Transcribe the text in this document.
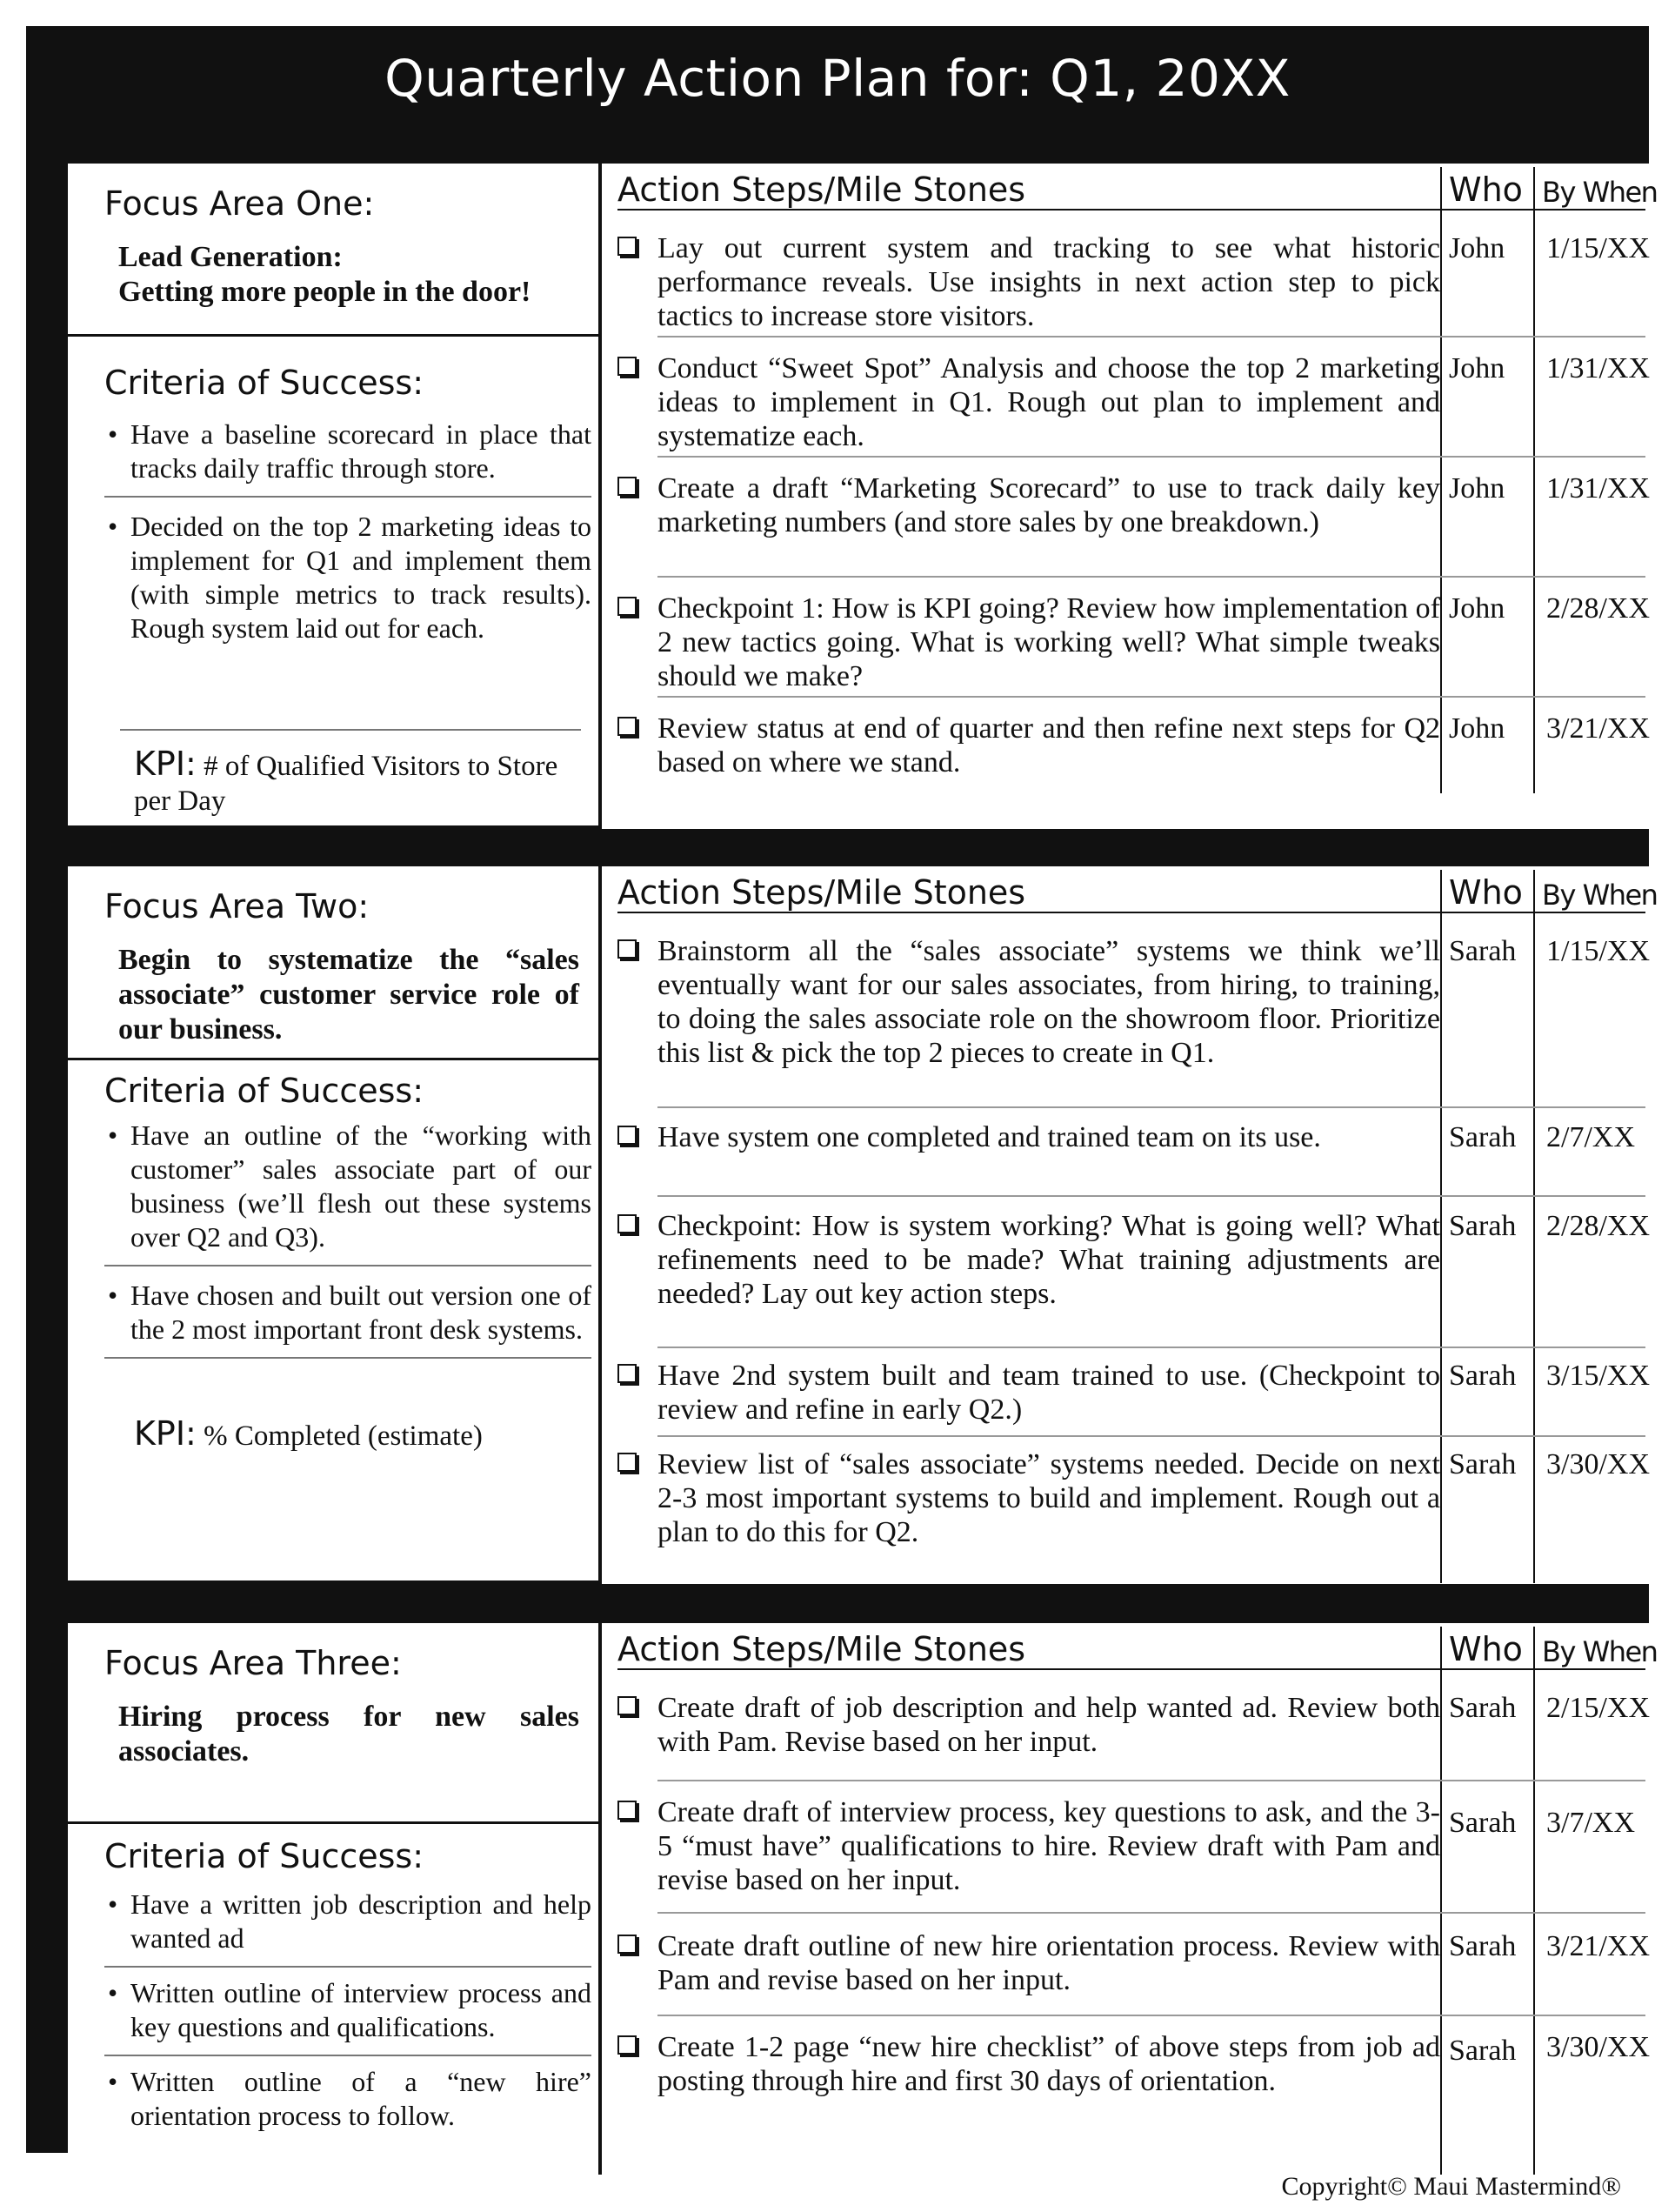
Quarterly Action Plan for: Q1, 20XX
Focus Area One:
Lead Generation:
Getting more people in the door!
Criteria of Success:
• Have a baseline scorecard in place that tracks daily traffic through store.
• Decided on the top 2 marketing ideas to implement for Q1 and implement them (with simple metrics to track results). Rough system laid out for each.
KPI: # of Qualified Visitors to Store per Day
Action Steps/Mile Stones	Who By When
Lay out current system and tracking to see what historic performance reveals. Use insights in next action step to pick tactics to increase store visitors.
John 1/15/XX
Conduct “Sweet Spot” Analysis and choose the top 2 marketing ideas to implement in Q1. Rough out plan to implement and systematize each.
John 1/31/XX
Create a draft “Marketing Scorecard” to use to track daily key marketing numbers (and store sales by one breakdown.)
John 1/31/XX
Checkpoint 1: How is KPI going? Review how implementation of 2 new tactics going. What is working well? What simple tweaks should we make?
John 2/28/XX
Review status at end of quarter and then refine next steps for Q2 based on where we stand.
John 3/21/XX
Focus Area Two:
Begin to systematize the “sales associate” customer service role of our business.
Criteria of Success:
• Have an outline of the “working with customer” sales associate part of our business (we’ll flesh out these systems over Q2 and Q3).
• Have chosen and built out version one of the 2 most important front desk systems.
KPI: % Completed (estimate)
Action Steps/Mile Stones	Who By When
Brainstorm all the “sales associate” systems we think we’ll eventually want for our sales associates, from hiring, to training, to doing the sales associate role on the showroom floor. Prioritize this list & pick the top 2 pieces to create in Q1.
Sarah 1/15/XX
Have system one completed and trained team on its use.	Sarah 2/7/XX
Checkpoint: How is system working? What is going well? What refinements need to be made? What training adjustments are needed? Lay out key action steps.
Sarah 2/28/XX
Have 2nd system built and team trained to use. (Checkpoint to review and refine in early Q2.)
Sarah 3/15/XX
Review list of “sales associate” systems needed. Decide on next 2-3 most important systems to build and implement. Rough out a plan to do this for Q2.
Sarah 3/30/XX
Focus Area Three:
Hiring process for new sales associates.
Criteria of Success:
• Have a written job description and help wanted ad
• Written outline of interview process and key questions and qualifications.
• Written outline of a “new hire” orientation process to follow.
Action Steps/Mile Stones	Who By When
Create draft of job description and help wanted ad. Review both with Pam. Revise based on her input.
Sarah 2/15/XX
Create draft of interview process, key questions to ask, and the 3-5 “must have” qualifications to hire. Review draft with Pam and revise based on her input.
Sarah 3/7/XX
Create draft outline of new hire orientation process. Review with Pam and revise based on her input.
Sarah 3/21/XX
Create 1-2 page “new hire checklist” of above steps from job ad posting through hire and first 30 days of orientation.
Sarah 3/30/XX
Copyright© Maui Mastermind®
